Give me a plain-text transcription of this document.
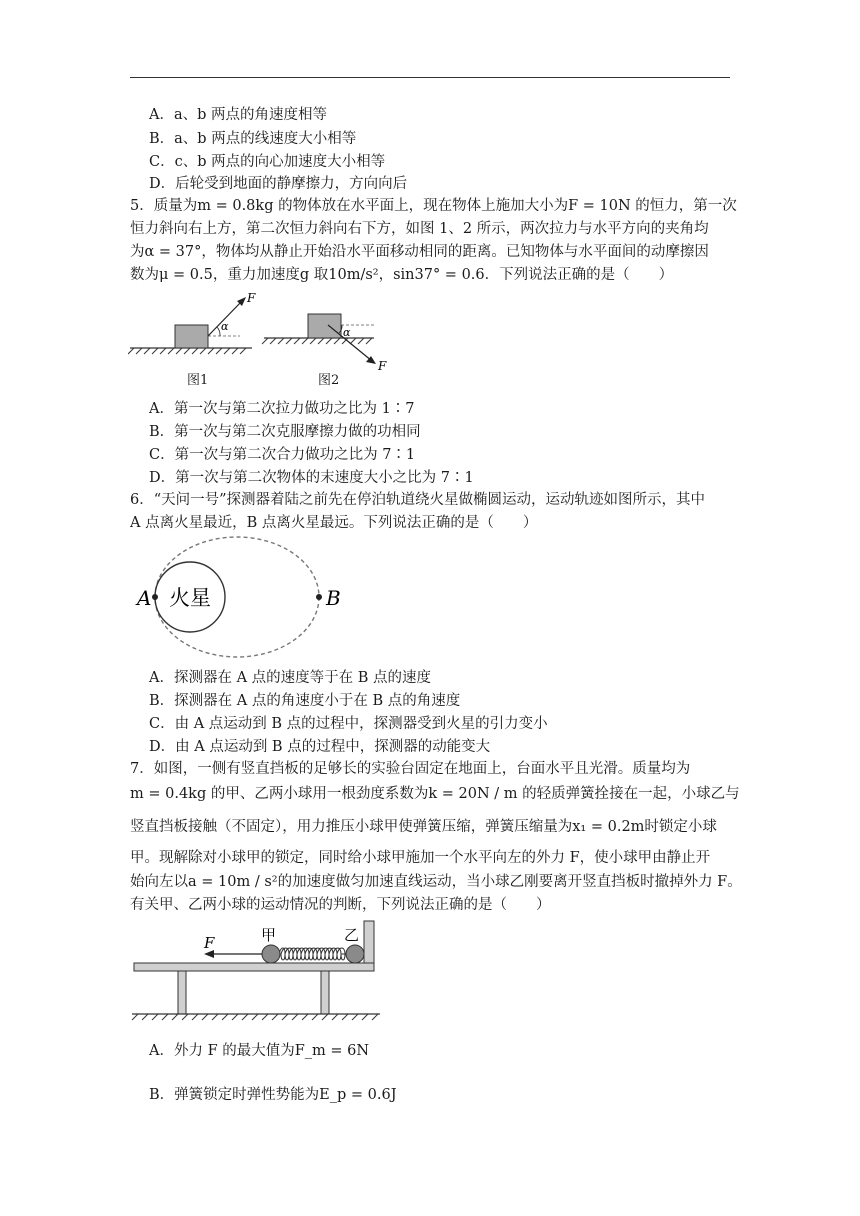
A．a、b 两点的角速度相等
B．a、b 两点的线速度大小相等
C．c、b 两点的向心加速度大小相等
D．后轮受到地面的静摩擦力，方向向后
5．质量为m = 0.8kg 的物体放在水平面上，现在物体上施加大小为F = 10N 的恒力，第一次
恒力斜向右上方，第二次恒力斜向右下方，如图 1、2 所示，两次拉力与水平方向的夹角均
为α = 37°，物体均从静止开始沿水平面移动相同的距离。已知物体与水平面间的动摩擦因
数为μ = 0.5，重力加速度g 取10m/s²，sin37° = 0.6．下列说法正确的是（　　）
F
α
F
α
图1	图2
A．第一次与第二次拉力做功之比为 1∶7
B．第一次与第二次克服摩擦力做的功相同
C．第一次与第二次合力做功之比为 7∶1
D．第一次与第二次物体的末速度大小之比为 7∶1
6．“天问一号”探测器着陆之前先在停泊轨道绕火星做椭圆运动，运动轨迹如图所示，其中
A 点离火星最近，B 点离火星最远。下列说法正确的是（　　）
火星
A	B
A．探测器在 A 点的速度等于在 B 点的速度
B．探测器在 A 点的角速度小于在 B 点的角速度
C．由 A 点运动到 B 点的过程中，探测器受到火星的引力变小
D．由 A 点运动到 B 点的过程中，探测器的动能变大
7．如图，一侧有竖直挡板的足够长的实验台固定在地面上，台面水平且光滑。质量均为
m = 0.4kg 的甲、乙两小球用一根劲度系数为k = 20N / m 的轻质弹簧拴接在一起，小球乙与
竖直挡板接触（不固定），用力推压小球甲使弹簧压缩，弹簧压缩量为x₁ = 0.2m时锁定小球
甲。现解除对小球甲的锁定，同时给小球甲施加一个水平向左的外力 F，使小球甲由静止开
始向左以a = 10m / s²的加速度做匀加速直线运动，当小球乙刚要离开竖直挡板时撤掉外力 F。
有关甲、乙两小球的运动情况的判断，下列说法正确的是（　　）
F	甲	乙
A．外力 F 的最大值为F_m = 6N
B．弹簧锁定时弹性势能为E_p = 0.6J
